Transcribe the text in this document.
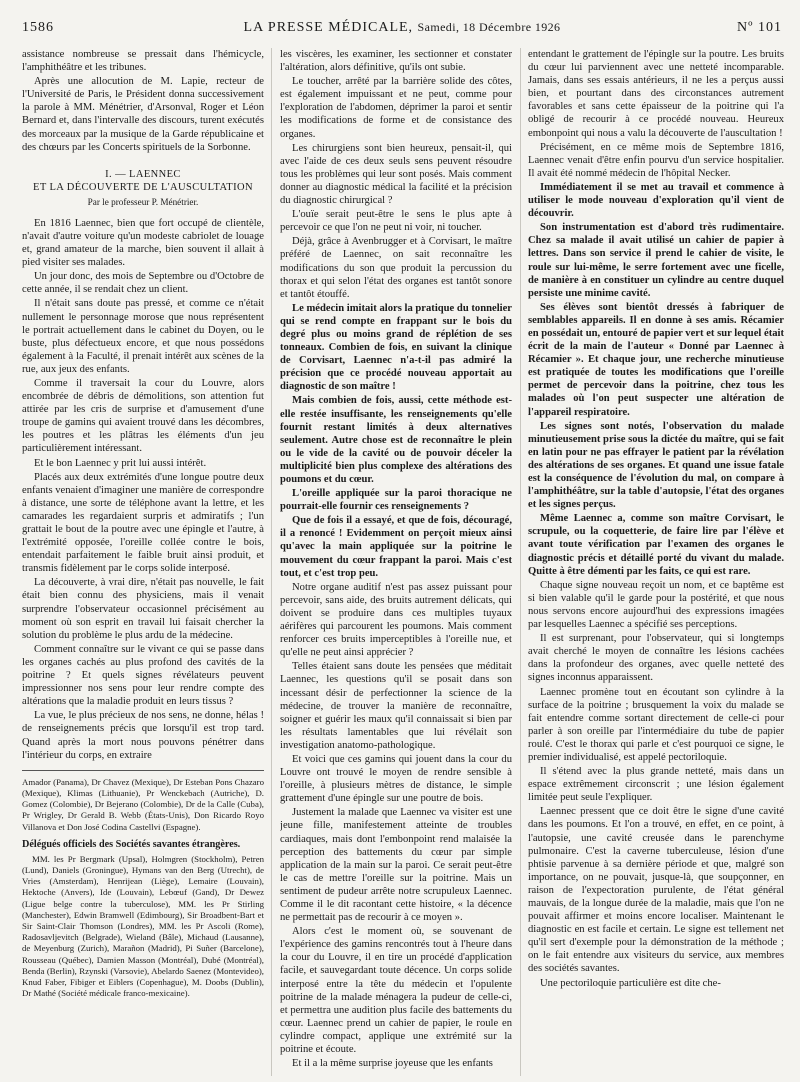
1586	LA PRESSE MÉDICALE, Samedi, 18 Décembre 1926	Nº 101

assistance nombreuse se pressait dans l'hémicycle, l'amphithéâtre et les tribunes.

Après une allocution de M. Lapie, recteur de l'Université de Paris, le Président donna successivement la parole à MM. Ménétrier, d'Arsonval, Roger et Léon Bernard et, dans l'intervalle des discours, turent exécutés des morceaux par la musique de la Garde républicaine et des chœurs par les Concerts spirituels de la Sorbonne.

I. — LAENNEC
ET LA DÉCOUVERTE DE L'AUSCULTATION
Par le professeur P. Ménétrier.

En 1816 Laennec, bien que fort occupé de clientèle, n'avait d'autre voiture qu'un modeste cabriolet de louage et, grand amateur de la marche, bien souvent il allait à pied visiter ses malades.

Un jour donc, des mois de Septembre ou d'Octobre de cette année, il se rendait chez un client.

Il n'était sans doute pas pressé, et comme ce n'était nullement le personnage morose que nous représentent le portrait actuellement dans le cabinet du Doyen, ou le buste, plus défectueux encore, et que nous possédons également à la Faculté, il prenait intérêt aux scènes de la rue, aux jeux des enfants.

Comme il traversait la cour du Louvre, alors encombrée de débris de démolitions, son attention fut attirée par les cris de surprise et d'amusement d'une troupe de gamins qui avaient trouvé dans les décombres, les poutres et les plâtras les éléments d'un jeu particulièrement intéressant.

Et le bon Laennec y prit lui aussi intérêt.

Placés aux deux extrémités d'une longue poutre deux enfants venaient d'imaginer une manière de correspondre à distance, une sorte de téléphone avant la lettre, et les camarades les regardaient surpris et admiratifs ; l'un grattait le bout de la poutre avec une épingle et l'autre, à l'extrémité opposée, l'oreille collée contre le bois, entendait parfaitement le faible bruit ainsi produit, et transmis fidèlement par le corps solide interposé.

La découverte, à vrai dire, n'était pas nouvelle, le fait était bien connu des physiciens, mais il venait surprendre l'observateur occasionnel précisément au moment où son esprit en travail lui faisait chercher la solution du problème le plus ardu de la médecine.

Comment connaître sur le vivant ce qui se passe dans les organes cachés au plus profond des cavités de la poitrine ? Et quels signes révélateurs peuvent impressionner nos sens pour leur rendre compte des altérations que la maladie produit en leurs tissus ?

La vue, le plus précieux de nos sens, ne donne, hélas ! de renseignements précis que lorsqu'il est trop tard. Quand après la mort nous pouvons pénétrer dans l'intérieur du corps, en extraire

Amador (Panama), Dr Chavez (Mexique), Dr Esteban Pons Chazaro (Mexique), Klimas (Lithuanie), Pr Wenckebach (Autriche), D. Gomez (Colombie), Dr Bejerano (Colombie), Dr de la Calle (Cuba), Pr Wrigley, Dr Gerald B. Webb (États-Unis), Don Ricardo Royo Villanova et Don José Codina Castellvi (Espagne).

Délégués officiels des Sociétés savantes étrangères.

MM. les Pr Bergmark (Upsal), Holmgren (Stockholm), Petren (Lund), Daniels (Groningue), Hymans van den Berg (Utrecht), de Vries (Amsterdam), Henrijean (Liège), Lemaire (Louvain), Hektoche (Anvers), Ide (Louvain), Lebœuf (Gand), Dr Dewez (Ligue belge contre la tuberculose), MM. les Pr Stirling (Manchester), Edwin Bramwell (Edimbourg), Sir Broadbent-Bart et Sir Saint-Clair Thomson (Londres), MM. les Pr Ascoli (Rome), Radosavljevitch (Belgrade), Wieland (Bâle), Michaud (Lausanne), de Meyenburg (Zurich), Marañon (Madrid), Pi Suñer (Barcelone), Rousseau (Québec), Damien Masson (Montréal), Dubé (Montréal), Benda (Berlin), Rzynski (Varsovie), Abelardo Saenez (Montevideo), Knud Faber, Fibiger et Eiblers (Copenhague), M. Doobs (Dublin), Dr Mathé (Société médicale franco-mexicaine).

les viscères, les examiner, les sectionner et constater l'altération, alors définitive, qu'ils ont subie.

Le toucher, arrêté par la barrière solide des côtes, est également impuissant et ne peut, comme pour l'exploration de l'abdomen, déprimer la paroi et sentir les modifications de forme et de consistance des organes.

Les chirurgiens sont bien heureux, pensait-il, qui avec l'aide de ces deux seuls sens peuvent résoudre tous les problèmes qui leur sont posés. Mais comment donner au diagnostic médical la facilité et la précision du diagnostic chirurgical ?

L'ouïe serait peut-être le sens le plus apte à percevoir ce que l'on ne peut ni voir, ni toucher.

Déjà, grâce à Avenbrugger et à Corvisart, le maître préféré de Laennec, on sait reconnaître les modifications du son que produit la percussion du thorax et qui selon l'état des organes est tantôt sonore et tantôt étouffé.

Le médecin imitait alors la pratique du tonnelier qui se rend compte en frappant sur le bois du degré plus ou moins grand de réplétion de ses tonneaux. Combien de fois, en suivant la clinique de Corvisart, Laennec n'a-t-il pas admiré la précision que ce procédé nouveau apportait au diagnostic de son maître !

Mais combien de fois, aussi, cette méthode est-elle restée insuffisante, les renseignements qu'elle fournit restant limités à deux alternatives seulement. Autre chose est de reconnaître le plein ou le vide de la cavité ou de pouvoir déceler la multiplicité bien plus complexe des altérations des poumons et du cœur.

L'oreille appliquée sur la paroi thoracique ne pourrait-elle fournir ces renseignements ?

Que de fois il a essayé, et que de fois, découragé, il a renoncé ! Evidemment on perçoit mieux ainsi qu'avec la main appliquée sur la poitrine le mouvement du cœur frappant la paroi. Mais c'est tout, et c'est trop peu.

Notre organe auditif n'est pas assez puissant pour percevoir, sans aide, des bruits autrement délicats, qui doivent se produire dans ces multiples tuyaux aérifères qui parcourent les poumons. Mais comment renforcer ces bruits imperceptibles à l'oreille nue, et qu'elle ne peut ainsi apprécier ?

Telles étaient sans doute les pensées que méditait Laennec, les questions qu'il se posait dans son incessant désir de perfectionner la science de la médecine, de trouver la manière de reconnaître, soigner et guérir les maux qu'il connaissait si bien par les résultats lamentables que lui révélait son investigation anatomo-pathologique.

Et voici que ces gamins qui jouent dans la cour du Louvre ont trouvé le moyen de rendre sensible à l'oreille, à plusieurs mètres de distance, le simple grattement d'une épingle sur une poutre de bois.

Justement la malade que Laennec va visiter est une jeune fille, manifestement atteinte de troubles cardiaques, mais dont l'embonpoint rend malaisée la perception des battements du cœur par simple application de la main sur la paroi. Ce serait peut-être le cas de mettre l'oreille sur la poitrine. Mais un sentiment de pudeur arrête notre scrupuleux Laennec. Comme il le dit racontant cette histoire, « la décence ne permettait pas de recourir à ce moyen ».

Alors c'est le moment où, se souvenant de l'expérience des gamins rencontrés tout à l'heure dans la cour du Louvre, il en tire un procédé d'application facile, et sauvegardant toute décence. Un corps solide interposé entre la tête du médecin et l'opulente poitrine de la malade ménagera la pudeur de celle-ci, et permettra une audition plus facile des battements du cœur. Laennec prend un cahier de papier, le roule en cylindre compact, applique une extrémité sur la poitrine et écoute.

Et il a la même surprise joyeuse que les enfants

entendant le grattement de l'épingle sur la poutre. Les bruits du cœur lui parviennent avec une netteté incomparable. Jamais, dans ses essais antérieurs, il ne les a perçus aussi bien, et pourtant dans des circonstances autrement favorables et sans cette épaisseur de la poitrine qui l'a obligé de recourir à ce procédé nouveau. Heureux embonpoint qui nous a valu la découverte de l'auscultation !

Précisément, en ce même mois de Septembre 1816, Laennec venait d'être enfin pourvu d'un service hospitalier. Il avait été nommé médecin de l'hôpital Necker.

Immédiatement il se met au travail et commence à utiliser le mode nouveau d'exploration qu'il vient de découvrir.

Son instrumentation est d'abord très rudimentaire. Chez sa malade il avait utilisé un cahier de papier à lettres. Dans son service il prend le cahier de visite, le roule sur lui-même, le serre fortement avec une ficelle, de manière à en constituer un cylindre au centre duquel persiste une minime cavité.

Ses élèves sont bientôt dressés à fabriquer de semblables appareils. Il en donne à ses amis. Récamier en possédait un, entouré de papier vert et sur lequel était écrit de la main de l'auteur « Donné par Laennec à Récamier ». Et chaque jour, une recherche minutieuse est pratiquée de toutes les modifications que l'oreille permet de percevoir dans la poitrine, chez tous les malades où l'on peut suspecter une altération de l'appareil respiratoire.

Les signes sont notés, l'observation du malade minutieusement prise sous la dictée du maître, qui se fait en latin pour ne pas effrayer le patient par la révélation des altérations de ses organes. Et quand une issue fatale est la conséquence de l'évolution du mal, on compare à l'amphithéâtre, sur la table d'autopsie, l'état des organes et les signes perçus.

Même Laennec a, comme son maître Corvisart, le scrupule, ou la coquetterie, de faire lire par l'élève et avant toute vérification par l'examen des organes le diagnostic précis et détaillé porté du vivant du malade. Quitte à être démenti par les faits, ce qui est rare.

Chaque signe nouveau reçoit un nom, et ce baptême est si bien valable qu'il le garde pour la postérité, et que nous nous servons encore aujourd'hui des expressions imagées par lesquelles Laennec a spécifié ses perceptions.

Il est surprenant, pour l'observateur, qui si longtemps avait cherché le moyen de connaître les lésions cachées dans la profondeur des organes, avec quelle netteté des signes inconnus apparaissent.

Laennec promène tout en écoutant son cylindre à la surface de la poitrine ; brusquement la voix du malade se fait entendre comme sortant directement de celle-ci pour parler à son oreille par l'intermédiaire du tube de papier roulé. C'est le thorax qui parle et c'est pourquoi ce signe, le premier individualisé, est appelé pectoriloquie.

Il s'étend avec la plus grande netteté, mais dans un espace extrêmement circonscrit ; une lésion également limitée peut seule l'expliquer.

Laennec pressent que ce doit être le signe d'une cavité dans les poumons. Et l'on a trouvé, en effet, en ce point, à l'autopsie, une cavité creusée dans le parenchyme pulmonaire. C'est la caverne tuberculeuse, lésion d'une phtisie parvenue à sa dernière période et que, malgré son importance, on ne pouvait, jusque-là, que soupçonner, en raison de l'expectoration purulente, de l'état général mauvais, de la longue durée de la maladie, mais que l'on ne pouvait affirmer et moins encore localiser. Maintenant le diagnostic en est facile et certain. Le signe est tellement net qu'il sert d'exemple pour la démonstration de la méthode ; on le fait entendre aux visiteurs du service, aux membres des sociétés savantes.

Une pectoriloquie particulière est dite che-
